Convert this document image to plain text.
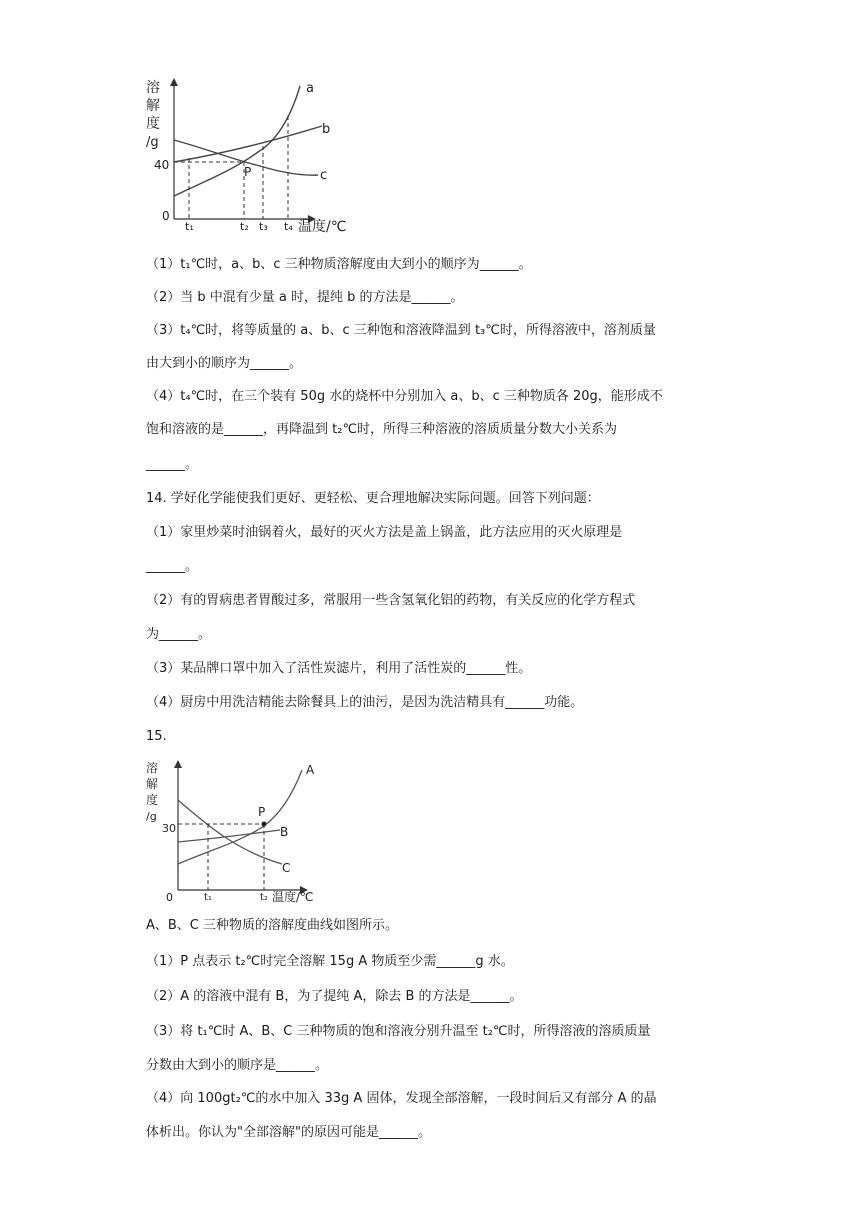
溶
解
度
/g
40
0
a
b
c
P
t₁	t₂ t₃ t₄ 温度/℃
（1）t₁℃时，a、b、c 三种物质溶解度由大到小的顺序为______。
（2）当 b 中混有少量 a 时，提纯 b 的方法是______。
（3）t₄℃时，将等质量的 a、b、c 三种饱和溶液降温到 t₃℃时，所得溶液中，溶剂质量
由大到小的顺序为______。
（4）t₄℃时，在三个装有 50g 水的烧杯中分别加入 a、b、c 三种物质各 20g，能形成不
饱和溶液的是______，再降温到 t₂℃时，所得三种溶液的溶质质量分数大小关系为
______。
14. 学好化学能使我们更好、更轻松、更合理地解决实际问题。回答下列问题：
（1）家里炒菜时油锅着火，最好的灭火方法是盖上锅盖，此方法应用的灭火原理是
______。
（2）有的胃病患者胃酸过多，常服用一些含氢氧化铝的药物，有关反应的化学方程式
为______。
（3）某品牌口罩中加入了活性炭滤片，利用了活性炭的______性。
（4）厨房中用洗洁精能去除餐具上的油污，是因为洗洁精具有______功能。
15.
溶
解
度
/g
30
0
P
A
B
C
t₁	t₂ 温度/℃
A、B、C 三种物质的溶解度曲线如图所示。
（1）P 点表示 t₂℃时完全溶解 15g A 物质至少需______g 水。
（2）A 的溶液中混有 B，为了提纯 A，除去 B 的方法是______。
（3）将 t₁℃时 A、B、C 三种物质的饱和溶液分别升温至 t₂℃时，所得溶液的溶质质量
分数由大到小的顺序是______。
（4）向 100gt₂℃的水中加入 33g A 固体，发现全部溶解，一段时间后又有部分 A 的晶
体析出。你认为"全部溶解"的原因可能是______。
